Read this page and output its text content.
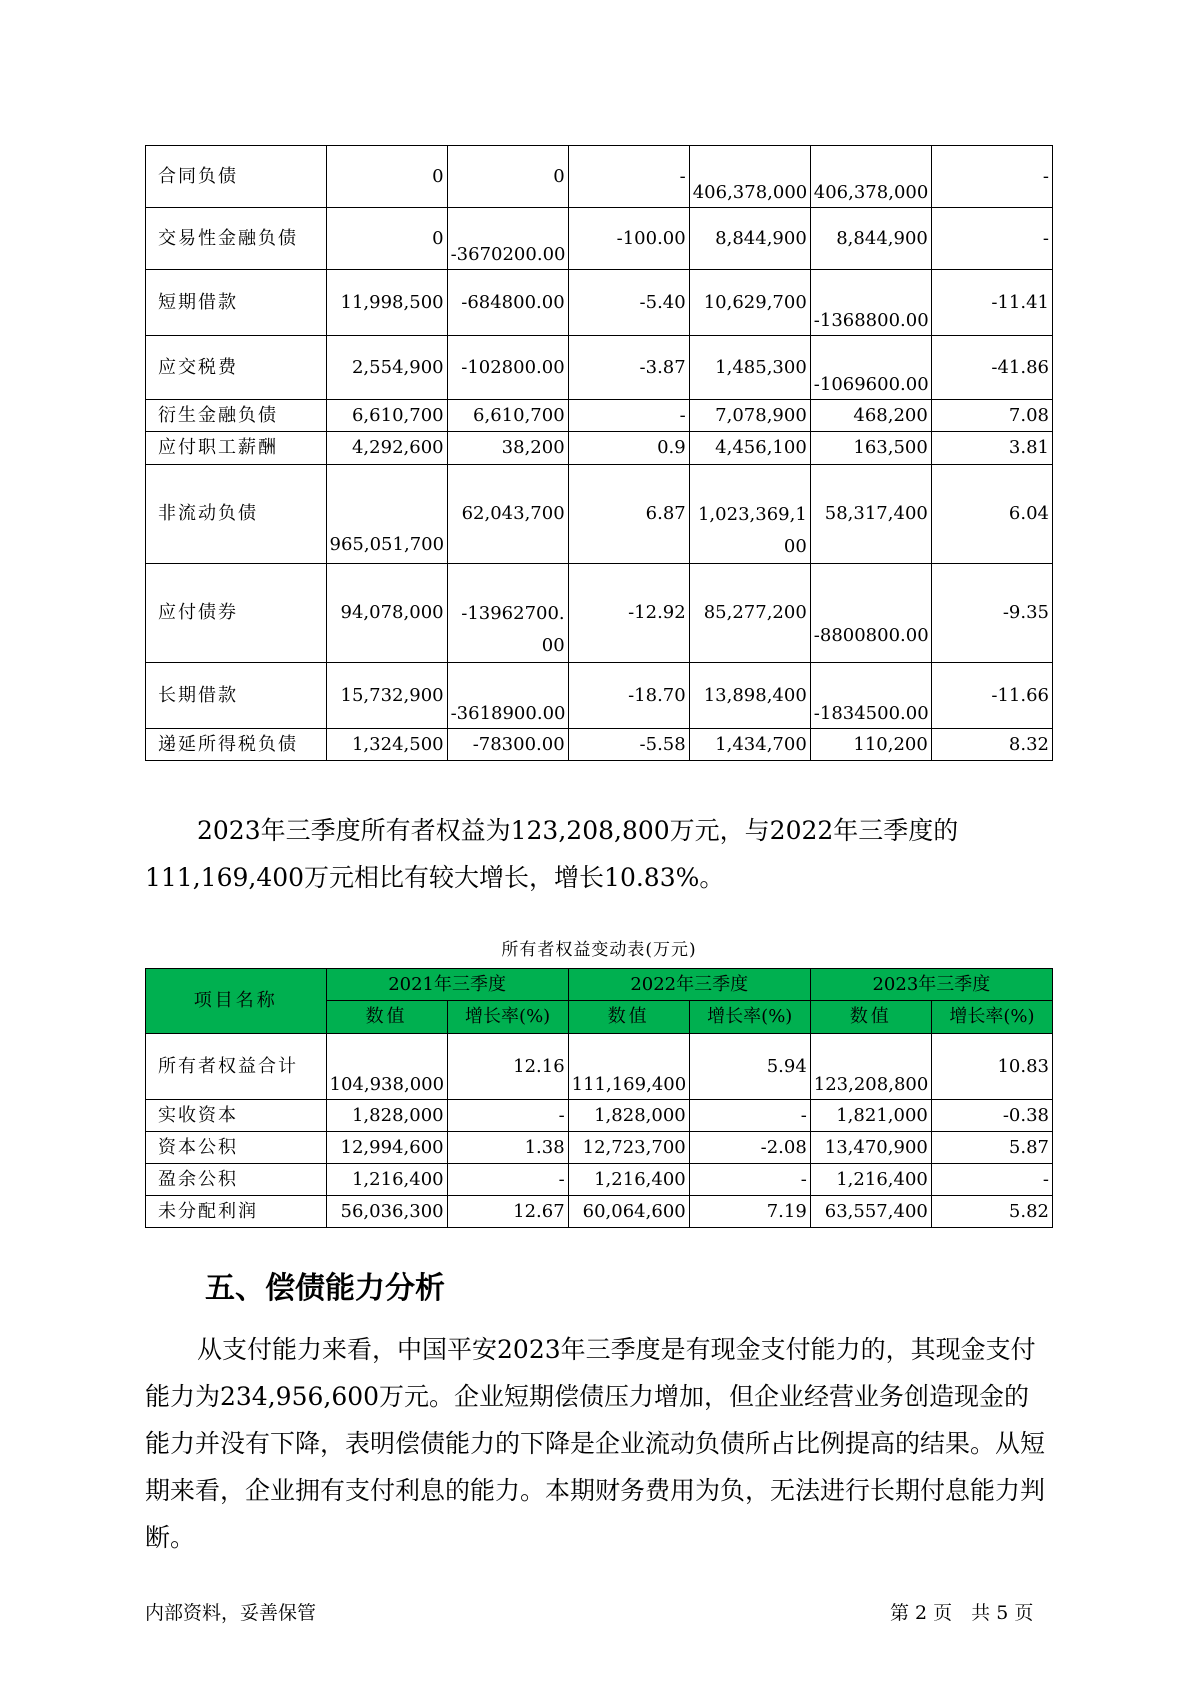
合同负债	0	0	-	406,378,000	406,378,000	-
交易性金融负债	0	-3670200.00	-100.00	8,844,900	8,844,900	-
短期借款	11,998,500	-684800.00	-5.40	10,629,700	-1368800.00	-11.41
应交税费	2,554,900	-102800.00	-3.87	1,485,300	-1069600.00	-41.86
衍生金融负债	6,610,700	6,610,700	-	7,078,900	468,200	7.08
应付职工薪酬	4,292,600	38,200	0.9	4,456,100	163,500	3.81
非流动负债	965,051,700	62,043,700	6.87	1,023,369,100	58,317,400	6.04
应付债券	94,078,000	-13962700.00	-12.92	85,277,200	-8800800.00	-9.35
长期借款	15,732,900	-3618900.00	-18.70	13,898,400	-1834500.00	-11.66
递延所得税负债	1,324,500	-78300.00	-5.58	1,434,700	110,200	8.32

2023年三季度所有者权益为123,208,800万元，与2022年三季度的111,169,400万元相比有较大增长，增长10.83%。

所有者权益变动表(万元)
项目名称	2021年三季度		2022年三季度		2023年三季度	
	数值	增长率(%)	数值	增长率(%)	数值	增长率(%)
所有者权益合计	104,938,000	12.16	111,169,400	5.94	123,208,800	10.83
实收资本	1,828,000	-	1,828,000	-	1,821,000	-0.38
资本公积	12,994,600	1.38	12,723,700	-2.08	13,470,900	5.87
盈余公积	1,216,400	-	1,216,400	-	1,216,400	-
未分配利润	56,036,300	12.67	60,064,600	7.19	63,557,400	5.82
五、偿债能力分析

从支付能力来看，中国平安2023年三季度是有现金支付能力的，其现金支付能力为234,956,600万元。企业短期偿债压力增加，但企业经营业务创造现金的能力并没有下降，表明偿债能力的下降是企业流动负债所占比例提高的结果。从短期来看，企业拥有支付利息的能力。本期财务费用为负，无法进行长期付息能力判断。

内部资料，妥善保管	第 2 页　共 5 页
